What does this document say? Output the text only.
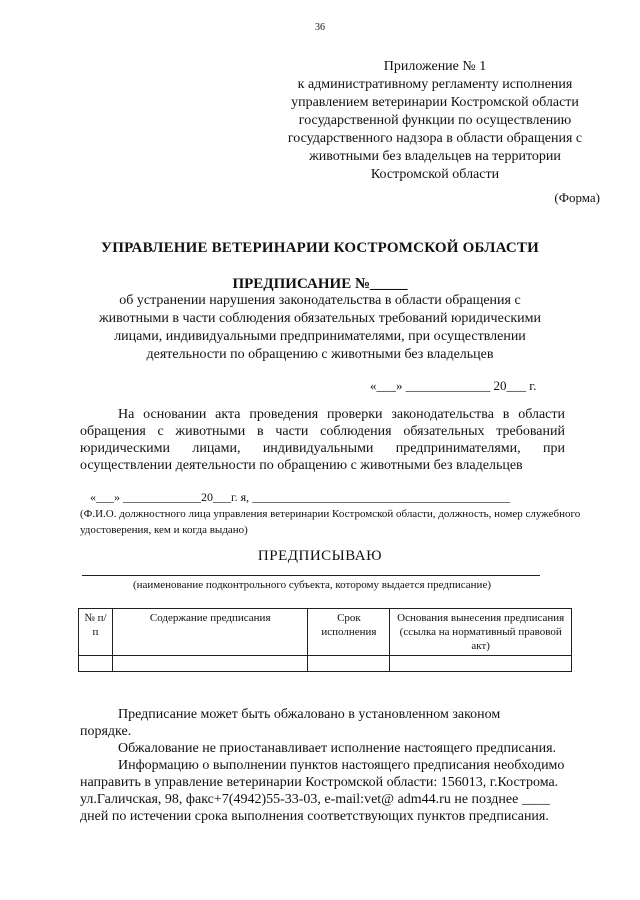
36
Приложение № 1
к административному регламенту исполнения
управлением ветеринарии Костромской области
государственной функции по осуществлению
государственного надзора в области обращения с
животными без владельцев на территории
Костромской области
(Форма)
УПРАВЛЕНИЕ ВЕТЕРИНАРИИ КОСТРОМСКОЙ ОБЛАСТИ
ПРЕДПИСАНИЕ №_____
об устранении нарушения законодательства в области обращения с животными в части соблюдения обязательных требований юридическими лицами, индивидуальными предпринимателями, при осуществлении деятельности по обращению с животными без владельцев
«___» _____________ 20___ г.
На основании акта проведения проверки законодательства в области обращения с животными в части соблюдения обязательных требований юридическими лицами, индивидуальными предпринимателями, при осуществлении деятельности по обращению с животными без владельцев
«___» _____________20___г. я, ___________________________________________
(Ф.И.О. должностного лица управления ветеринарии Костромской области, должность, номер служебного удостоверения, кем и когда выдано)
ПРЕДПИСЫВАЮ
(наименование подконтрольного субъекта, которому выдается предписание)
№ п/п	Содержание предписания	Срок исполнения	Основания вынесения предписания (ссылка на нормативный правовой акт)

Предписание может быть обжаловано в установленном законом

порядке.

Обжалование не приостанавливает исполнение настоящего предписания.

Информацию о выполнении пунктов настоящего предписания необходимо

направить в управление ветеринарии Костромской области: 156013, г.Кострома.

ул.Галичская, 98, факс+7(4942)55-33-03, e-mail:vet@ adm44.ru не позднее ____

дней по истечении срока выполнения соответствующих пунктов предписания.
